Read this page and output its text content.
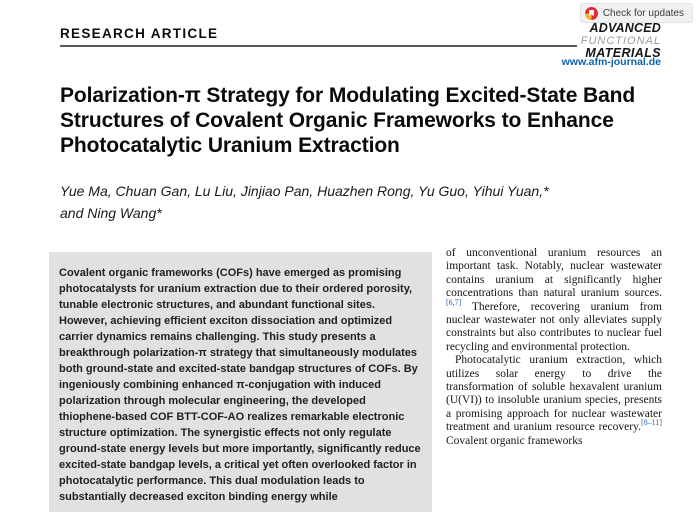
Check for updates
RESEARCH ARTICLE	ADVANCED
FUNCTIONAL
MATERIALS
www.afm-journal.de
Polarization-π Strategy for Modulating Excited-State Band
Structures of Covalent Organic Frameworks to Enhance
Photocatalytic Uranium Extraction
Yue Ma, Chuan Gan, Lu Liu, Jinjiao Pan, Huazhen Rong, Yu Guo, Yihui Yuan,*
and Ning Wang*
Covalent organic frameworks (COFs) have emerged as promising photocatalysts for uranium extraction due to their ordered porosity, tunable electronic structures, and abundant functional sites. However, achieving efficient exciton dissociation and optimized carrier dynamics remains challenging. This study presents a breakthrough polarization-π strategy that simultaneously modulates both ground-state and excited-state bandgap structures of COFs. By ingeniously combining enhanced π-conjugation with induced polarization through molecular engineering, the developed thiophene-based COF BTT-COF-AO realizes remarkable electronic structure optimization. The synergistic effects not only regulate ground-state energy levels but more importantly, significantly reduce excited-state bandgap levels, a critical yet often overlooked factor in photocatalytic performance. This dual modulation leads to substantially decreased exciton binding energy while

of unconventional uranium resources an important task. Notably, nuclear wastewater contains uranium at significantly higher concentrations than natural uranium sources.[6,7] Therefore, recovering uranium from nuclear wastewater not only alleviates supply constraints but also contributes to nuclear fuel recycling and environmental protection.

Photocatalytic uranium extraction, which utilizes solar energy to drive the transformation of soluble hexavalent uranium (U(VI)) to insoluble uranium species, presents a promising approach for nuclear wastewater treatment and uranium resource recovery.[8–11] Covalent organic frameworks
